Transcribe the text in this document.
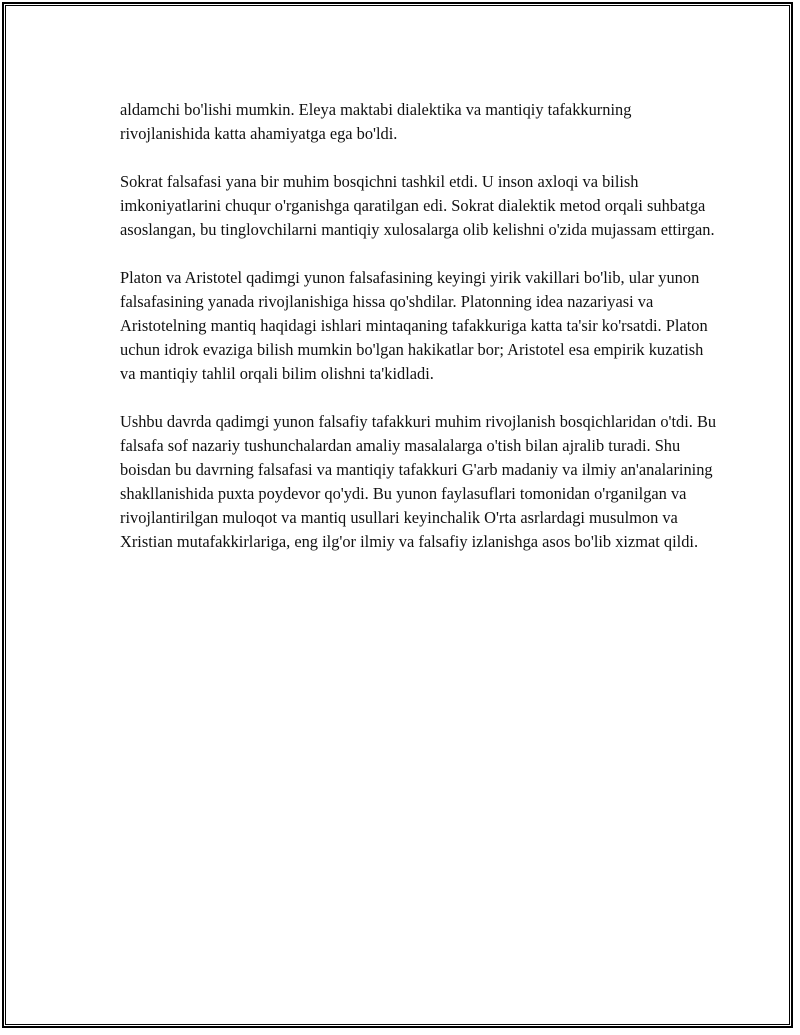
aldamchi bo'lishi mumkin. Eleya maktabi dialektika va mantiqiy tafakkurning rivojlanishida katta ahamiyatga ega bo'ldi.

Sokrat falsafasi yana bir muhim bosqichni tashkil etdi. U inson axloqi va bilish imkoniyatlarini chuqur o'rganishga qaratilgan edi. Sokrat dialektik metod orqali suhbatga asoslangan, bu tinglovchilarni mantiqiy xulosalarga olib kelishni o'zida mujassam ettirgan.

Platon va Aristotel qadimgi yunon falsafasining keyingi yirik vakillari bo'lib, ular yunon falsafasining yanada rivojlanishiga hissa qo'shdilar. Platonning idea nazariyasi va Aristotelning mantiq haqidagi ishlari mintaqaning tafakkuriga katta ta'sir ko'rsatdi. Platon uchun idrok evaziga bilish mumkin bo'lgan hakikatlar bor; Aristotel esa empirik kuzatish va mantiqiy tahlil orqali bilim olishni ta'kidladi.

Ushbu davrda qadimgi yunon falsafiy tafakkuri muhim rivojlanish bosqichlaridan o'tdi. Bu falsafa sof nazariy tushunchalardan amaliy masalalarga o'tish bilan ajralib turadi. Shu boisdan bu davrning falsafasi va mantiqiy tafakkuri G'arb madaniy va ilmiy an'analarining shakllanishida puxta poydevor qo'ydi. Bu yunon faylasuflari tomonidan o'rganilgan va rivojlantirilgan muloqot va mantiq usullari keyinchalik O'rta asrlardagi musulmon va Xristian mutafakkirlariga, eng ilg'or ilmiy va falsafiy izlanishga asos bo'lib xizmat qildi.
